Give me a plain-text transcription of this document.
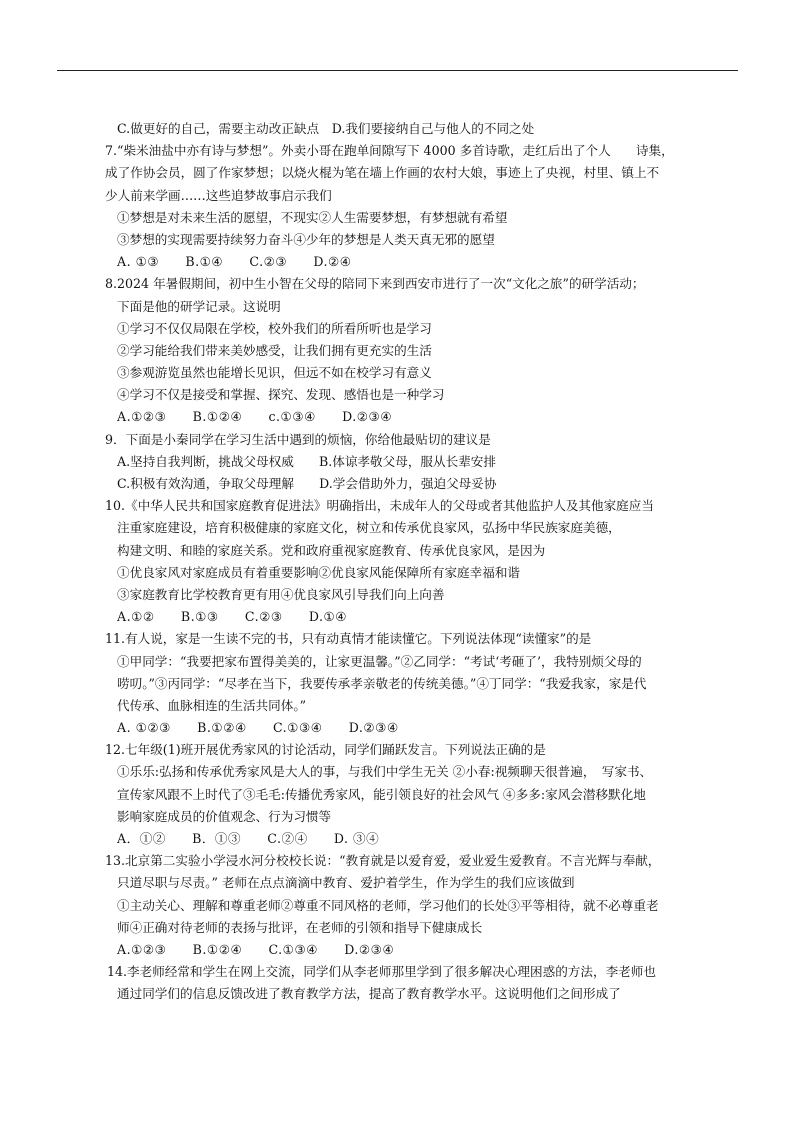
C.做更好的自己，需要主动改正缺点　D.我们要接纳自己与他人的不同之处
7.“柴米油盐中亦有诗与梦想”。外卖小哥在跑单间隙写下 4000 多首诗歌，走红后出了个人　　诗集，
成了作协会员，圆了作家梦想；以烧火棍为笔在墙上作画的农村大娘，事迹上了央视，村里、镇上不
少人前来学画……这些追梦故事启示我们
①梦想是对未来生活的愿望，不现实②人生需要梦想，有梦想就有希望
③梦想的实现需要持续努力奋斗④少年的梦想是人类天真无邪的愿望
A. ①③　　B.①④　　C.②③　　D.②④
8.2024 年暑假期间，初中生小智在父母的陪同下来到西安市进行了一次“文化之旅”的研学活动；
下面是他的研学记录。这说明
①学习不仅仅局限在学校，校外我们的所看所听也是学习
②学习能给我们带来美妙感受，让我们拥有更充实的生活
③参观游览虽然也能增长见识，但远不如在校学习有意义
④学习不仅是接受和掌握、探究、发现、感悟也是一种学习
A.①②③　　B.①②④　　c.①③④　　D.②③④
9．下面是小秦同学在学习生活中遇到的烦恼，你给他最贴切的建议是
A.坚持自我判断，挑战父母权威　　B.体谅孝敬父母，服从长辈安排
C.积极有效沟通，争取父母理解　　D.学会借助外力，强迫父母妥协
10.《中华人民共和国家庭教育促进法》明确指出，未成年人的父母或者其他监护人及其他家庭应当
注重家庭建设，培育积极健康的家庭文化，树立和传承优良家风，弘扬中华民族家庭美德，
构建文明、和睦的家庭关系。党和政府重视家庭教育、传承优良家风，是因为
①优良家风对家庭成员有着重要影响②优良家风能保障所有家庭幸福和谐
③家庭教育比学校教育更有用④优良家风引导我们向上向善
A.①②　　B.①③　　C.②③　　D.①④
11.有人说，家是一生读不完的书，只有动真情才能读懂它。下列说法体现“读懂家”的是
①甲同学：“我要把家布置得美美的，让家更温馨。”②乙同学：“考试‘考砸了’，我特别烦父母的
唠叨。”③丙同学：“尽孝在当下，我要传承孝亲敬老的传统美德。”④丁同学：“我爱我家，家是代
代传承、血脉相连的生活共同体。”
A. ①②③　　B.①②④　　C.①③④　　D.②③④
12.七年级(1)班开展优秀家风的讨论活动，同学们踊跃发言。下列说法正确的是
①乐乐:弘扬和传承优秀家风是大人的事，与我们中学生无关 ②小春:视频聊天很普遍，　写家书、
宣传家风跟不上时代了③毛毛:传播优秀家风，能引领良好的社会风气 ④多多:家风会潜移默化地
影响家庭成员的价值观念、行为习惯等
A．①②　　B．①③　　C.②④　　D. ③④
13.北京第二实验小学浸水河分校校长说：“教育就是以爱育爱，爱业爱生爱教育。不言光辉与奉献，
只道尽职与尽责。” 老师在点点滴滴中教育、爱护着学生，作为学生的我们应该做到
①主动关心、理解和尊重老师②尊重不同风格的老师，学习他们的长处③平等相待，就不必尊重老
师④正确对待老师的表扬与批评，在老师的引领和指导下健康成长
A.①②③　　B.①②④　　C.①③④　　D.②③④
14.李老师经常和学生在网上交流，同学们从李老师那里学到了很多解决心理困惑的方法，李老师也
通过同学们的信息反馈改进了教育教学方法，提高了教育教学水平。这说明他们之间形成了
